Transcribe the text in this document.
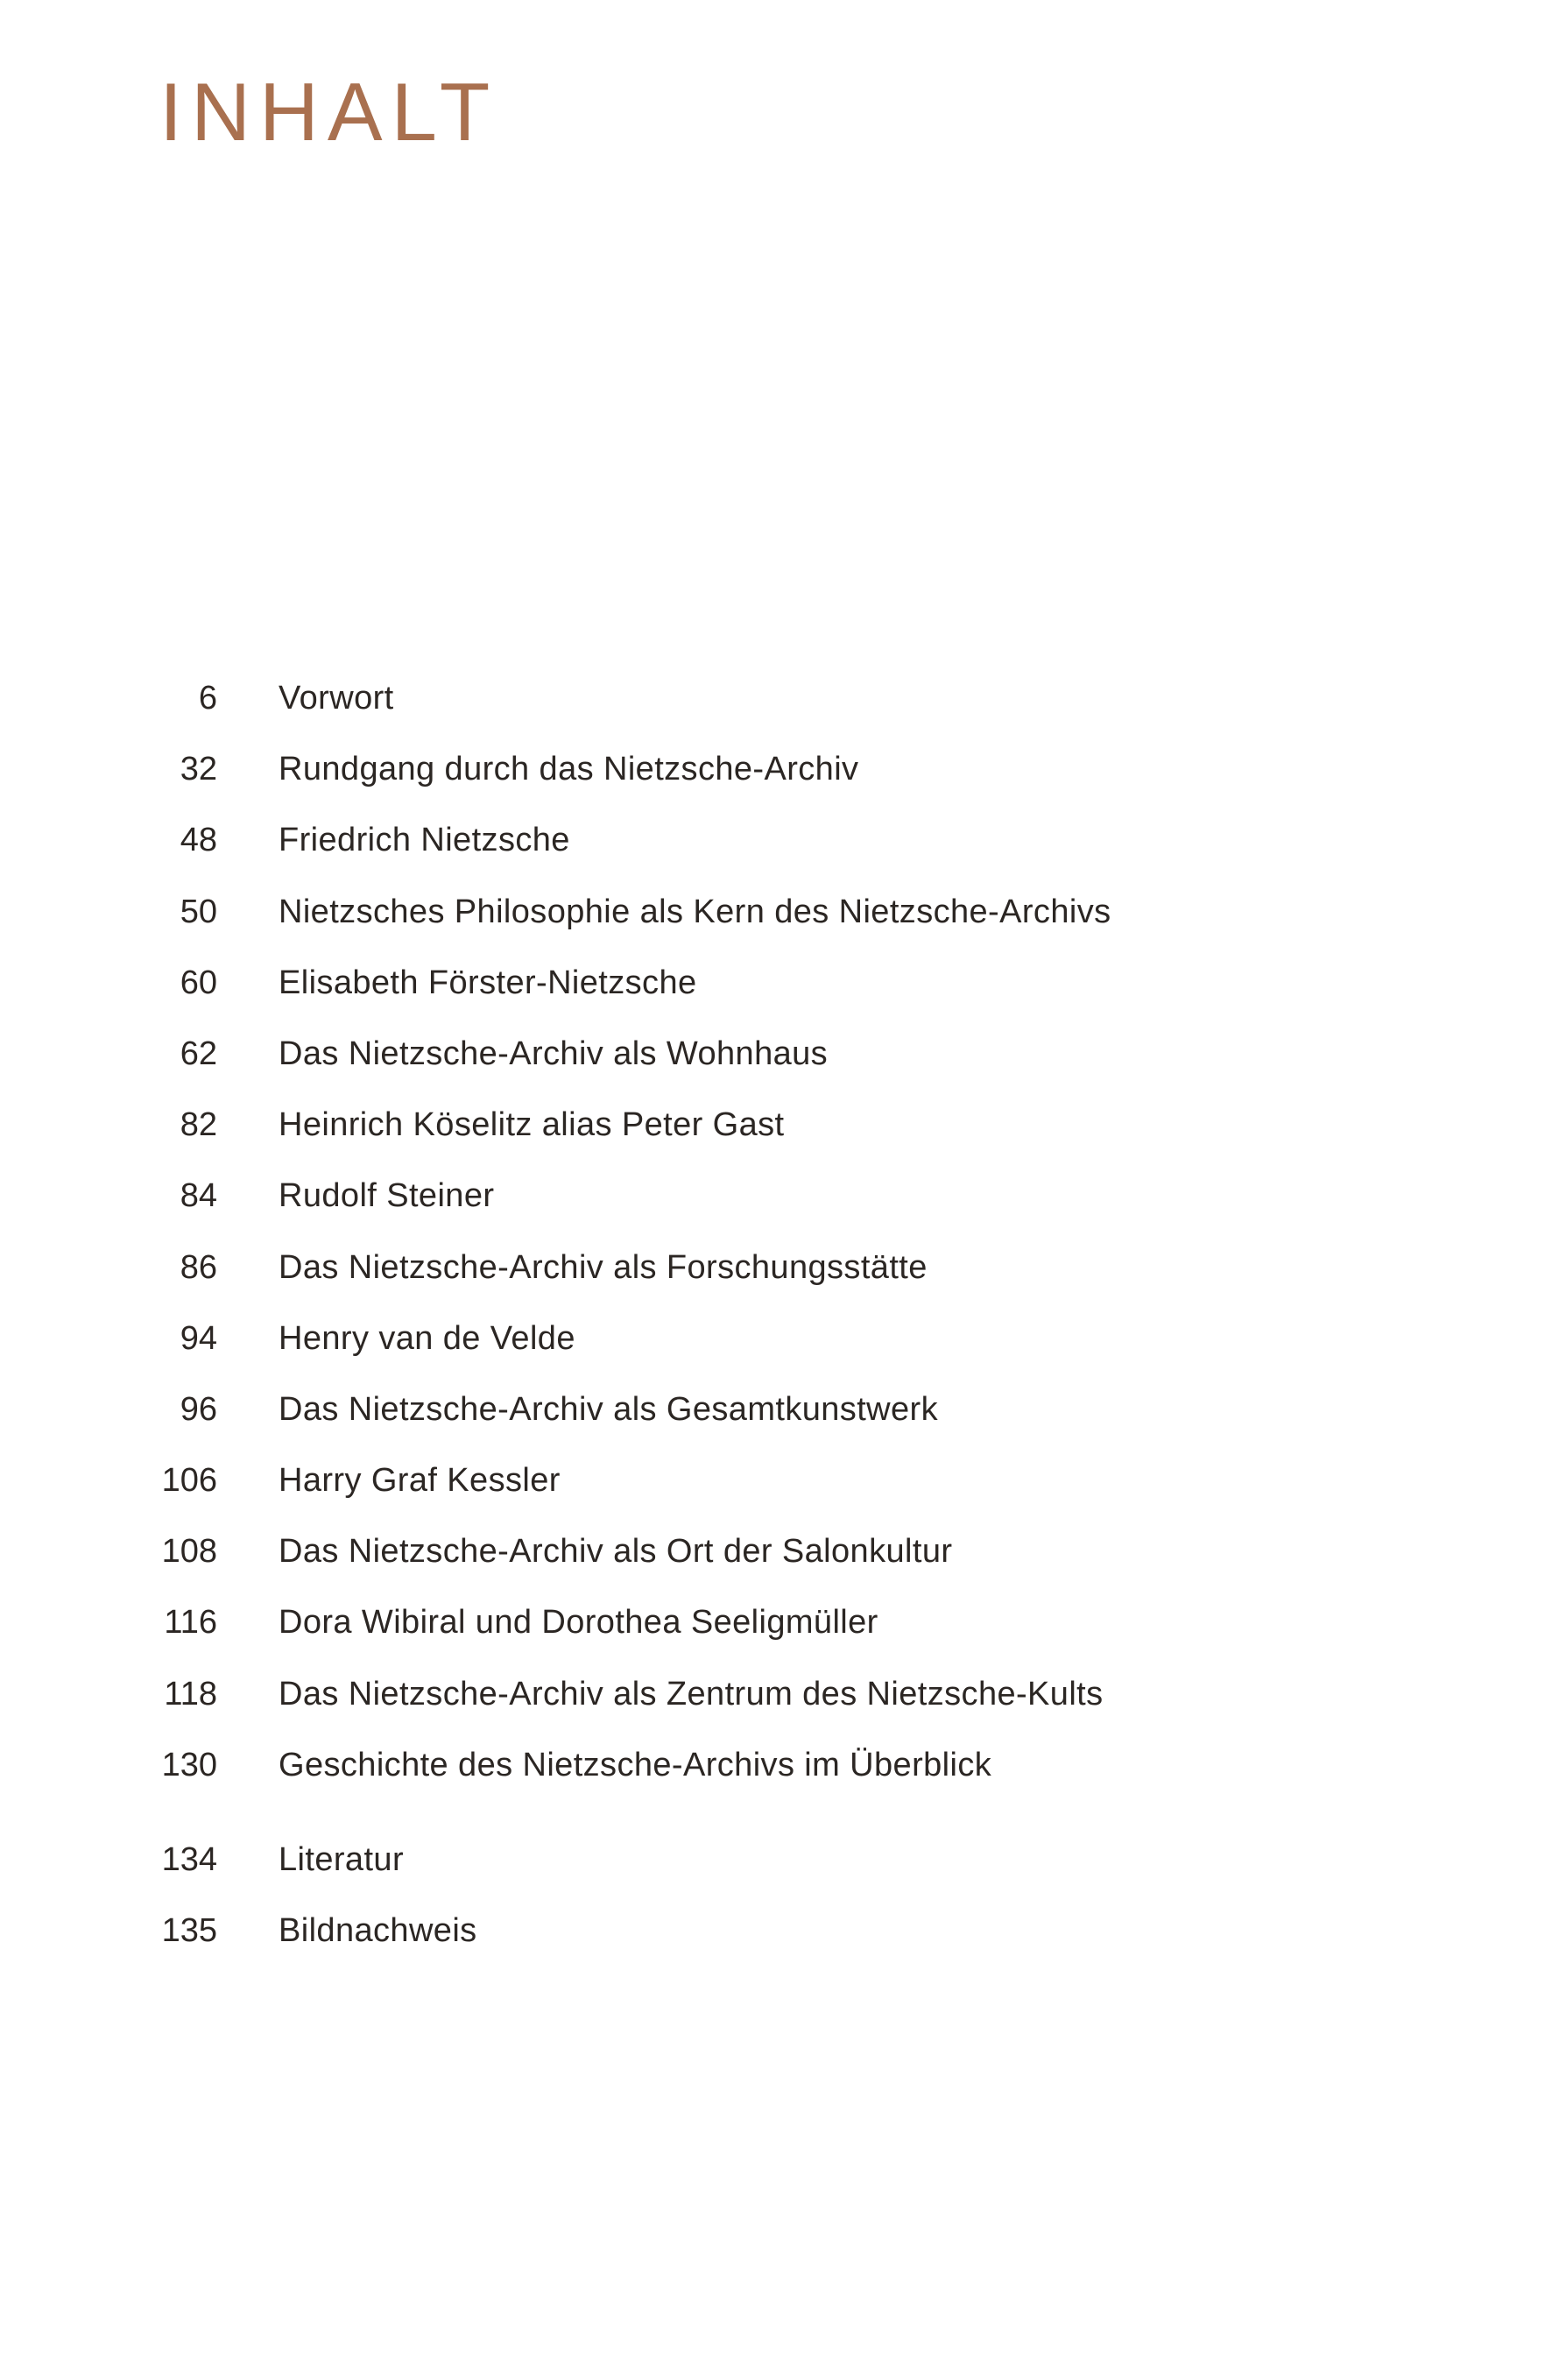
INHALT
6 Vorwort
32 Rundgang durch das Nietzsche-Archiv
48 Friedrich Nietzsche
50 Nietzsches Philosophie als Kern des Nietzsche-Archivs
60 Elisabeth Förster-Nietzsche
62 Das Nietzsche-Archiv als Wohnhaus
82 Heinrich Köselitz alias Peter Gast
84 Rudolf Steiner
86 Das Nietzsche-Archiv als Forschungsstätte
94 Henry van de Velde
96 Das Nietzsche-Archiv als Gesamtkunstwerk
106 Harry Graf Kessler
108 Das Nietzsche-Archiv als Ort der Salonkultur
116 Dora Wibiral und Dorothea Seeligmüller
118 Das Nietzsche-Archiv als Zentrum des Nietzsche-Kults
130 Geschichte des Nietzsche-Archivs im Überblick
134 Literatur
135 Bildnachweis
